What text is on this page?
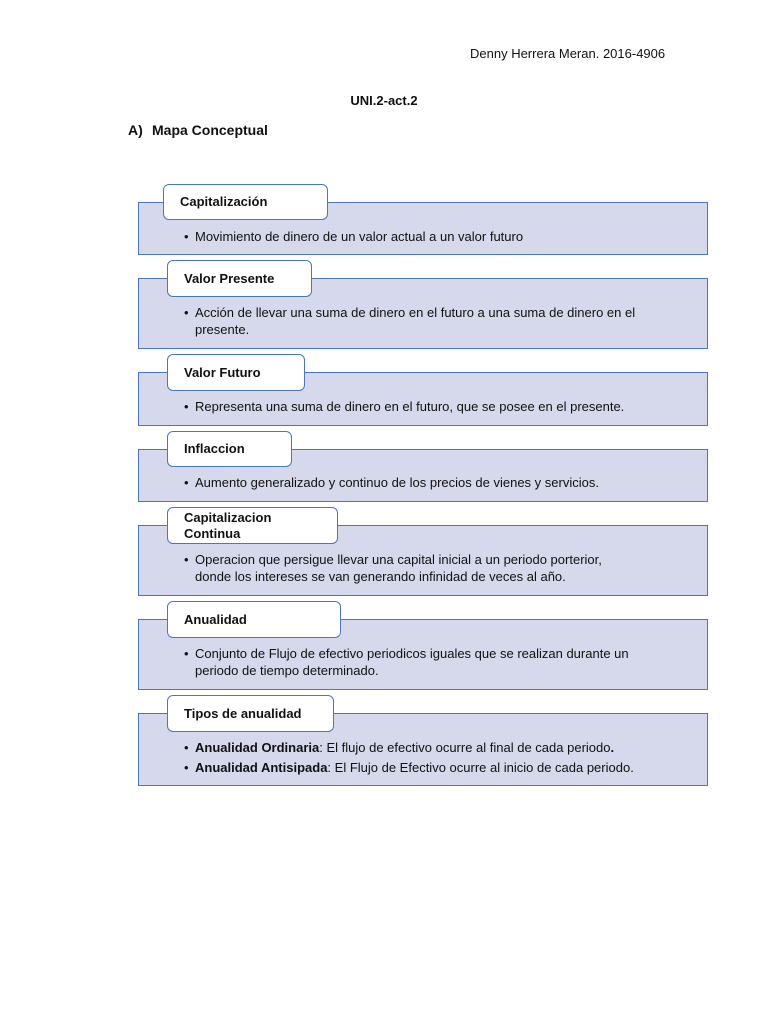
Denny Herrera Meran. 2016-4906
UNI.2-act.2
A) Mapa Conceptual
• Movimiento de dinero de un valor actual a un valor futuro
Capitalización
• Acción de llevar una suma de dinero en el futuro a una suma de dinero en el presente.
Valor Presente
• Representa una suma de dinero en el futuro, que se posee en el presente.
Valor Futuro
• Aumento generalizado y continuo de los precios de vienes y servicios.
Inflaccion
• Operacion que persigue llevar una capital inicial a un periodo porterior,
donde los intereses se van generando infinidad de veces al año.
Capitalizacion
Continua
• Conjunto de Flujo de efectivo periodicos iguales que se realizan durante un periodo de tiempo determinado.
Anualidad
• Anualidad Ordinaria: El flujo de efectivo ocurre al final de cada periodo.
• Anualidad Antisipada: El Flujo de Efectivo ocurre al inicio de cada periodo.
Tipos de anualidad
